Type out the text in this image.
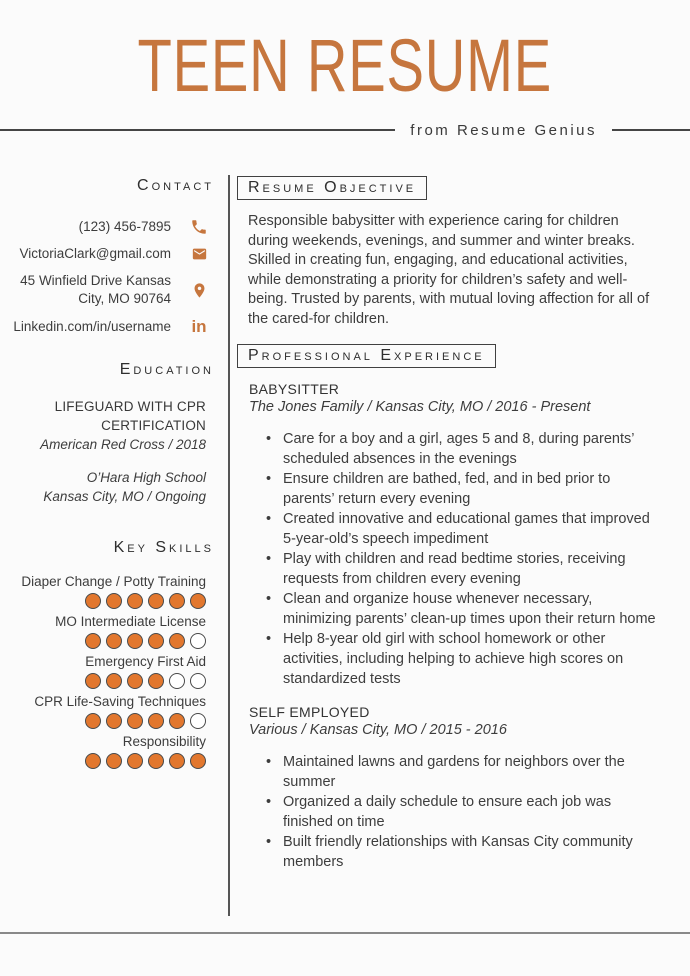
TEEN RESUME
from Resume Genius
Contact
(123) 456-7895
VictoriaClark@gmail.com
45 Winfield Drive Kansas City, MO 90764
Linkedin.com/in/username in
Education
LIFEGUARD WITH CPR CERTIFICATION
American Red Cross / 2018
O’Hara High School
Kansas City, MO / Ongoing
Key Skills
Diaper Change / Potty Training
MO Intermediate License
Emergency First Aid
CPR Life-Saving Techniques
Responsibility
Resume Objective

Responsible babysitter with experience caring for children during weekends, evenings, and summer and winter breaks. Skilled in creating fun, engaging, and educational activities, while demonstrating a priority for children’s safety and well-being. Trusted by parents, with mutual loving affection for all of the cared-for children.

Professional Experience
BABYSITTER
The Jones Family / Kansas City, MO / 2016 - Present
• Care for a boy and a girl, ages 5 and 8, during parents’ scheduled absences in the evenings
• Ensure children are bathed, fed, and in bed prior to parents’ return every evening
• Created innovative and educational games that improved 5-year-old’s speech impediment
• Play with children and read bedtime stories, receiving requests from children every evening
• Clean and organize house whenever necessary, minimizing parents’ clean-up times upon their return home
• Help 8-year old girl with school homework or other activities, including helping to achieve high scores on standardized tests
SELF EMPLOYED
Various / Kansas City, MO / 2015 - 2016
• Maintained lawns and gardens for neighbors over the summer
• Organized a daily schedule to ensure each job was finished on time
• Built friendly relationships with Kansas City community members
